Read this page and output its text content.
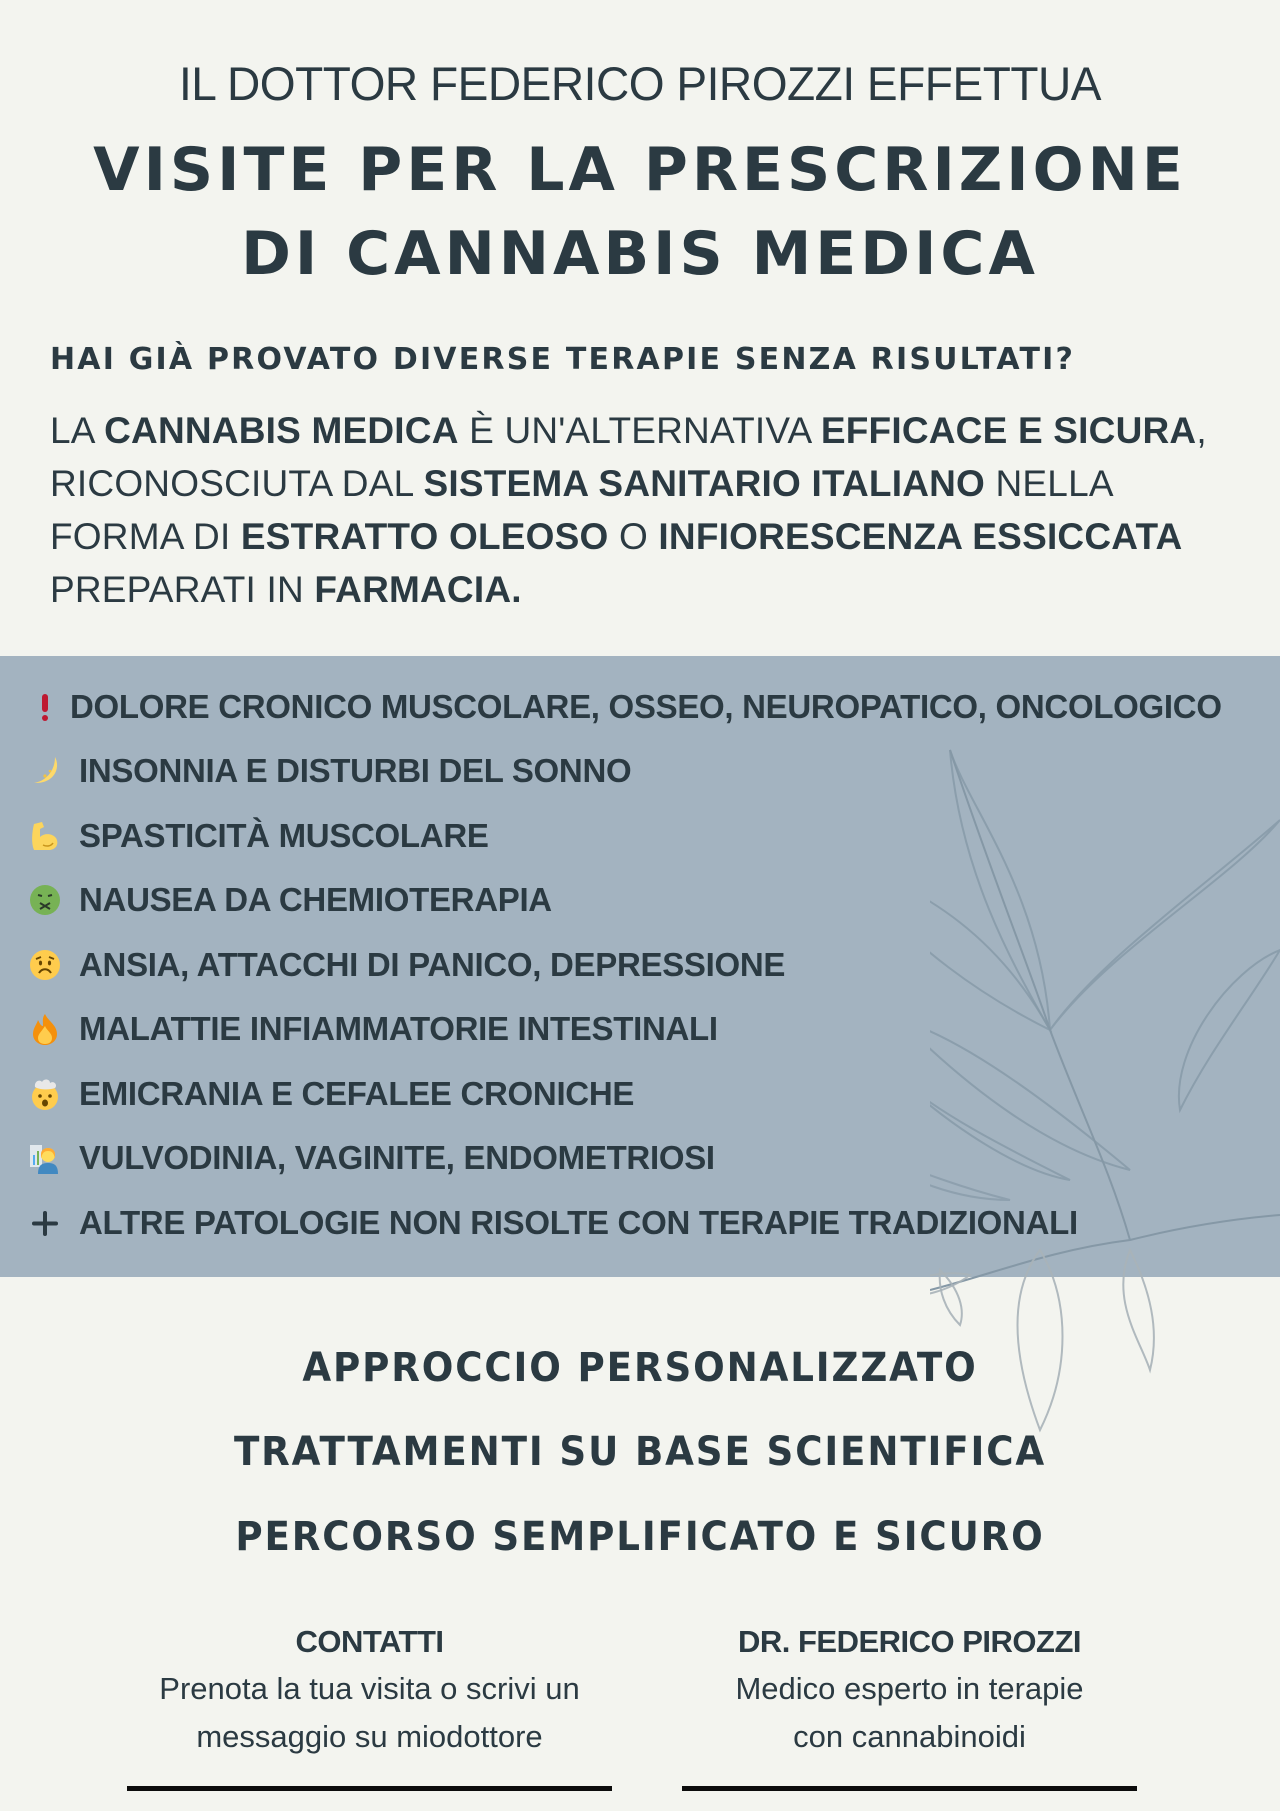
IL DOTTOR FEDERICO PIROZZI EFFETTUA
VISITE PER LA PRESCRIZIONE
DI CANNABIS MEDICA
HAI GIÀ PROVATO DIVERSE TERAPIE SENZA RISULTATI?
LA CANNABIS MEDICA È UN'ALTERNATIVA EFFICACE E SICURA,
RICONOSCIUTA DAL SISTEMA SANITARIO ITALIANO NELLA
FORMA DI ESTRATTO OLEOSO O INFIORESCENZA ESSICCATA
PREPARATI IN FARMACIA.
DOLORE CRONICO MUSCOLARE, OSSEO, NEUROPATICO, ONCOLOGICO
INSONNIA E DISTURBI DEL SONNO
SPASTICITÀ MUSCOLARE
NAUSEA DA CHEMIOTERAPIA
ANSIA, ATTACCHI DI PANICO, DEPRESSIONE
MALATTIE INFIAMMATORIE INTESTINALI
EMICRANIA E CEFALEE CRONICHE
VULVODINIA, VAGINITE, ENDOMETRIOSI
ALTRE PATOLOGIE NON RISOLTE CON TERAPIE TRADIZIONALI
APPROCCIO PERSONALIZZATO
TRATTAMENTI SU BASE SCIENTIFICA
PERCORSO SEMPLIFICATO E SICURO
CONTATTI
Prenota la tua visita o scrivi un
messaggio su miodottore
DR. FEDERICO PIROZZI
Medico esperto in terapie
con cannabinoidi
